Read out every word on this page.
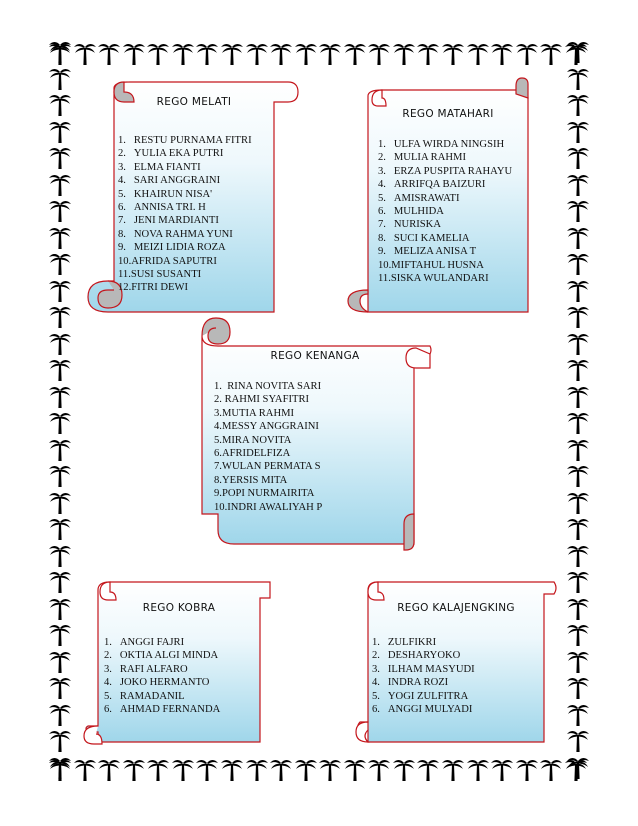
REGO MELATI
1.   RESTU PURNAMA FITRI
2.   YULIA EKA PUTRI
3.   ELMA FIANTI
4.   SARI ANGGRAINI
5.   KHAIRUN NISA'
6.   ANNISA TRI. H
7.   JENI MARDIANTI
8.   NOVA RAHMA YUNI
9.   MEIZI LIDIA ROZA
10.AFRIDA SAPUTRI
11.SUSI SUSANTI
12.FITRI DEWI
REGO MATAHARI
1.   ULFA WIRDA NINGSIH
2.   MULIA RAHMI
3.   ERZA PUSPITA RAHAYU
4.   ARRIFQA BAIZURI
5.   AMISRAWATI
6.   MULHIDA
7.   NURISKA
8.   SUCI KAMELIA
9.   MELIZA ANISA T
10.MIFTAHUL HUSNA
11.SISKA WULANDARI
REGO KENANGA
1.  RINA NOVITA SARI
2. RAHMI SYAFITRI
3.MUTIA RAHMI
4.MESSY ANGGRAINI
5.MIRA NOVITA
6.AFRIDELFIZA
7.WULAN PERMATA S
8.YERSIS MITA
9.POPI NURMAIRITA
10.INDRI AWALIYAH P
REGO KOBRA
1.   ANGGI FAJRI
2.   OKTIA ALGI MINDA
3.   RAFI ALFARO
4.   JOKO HERMANTO
5.   RAMADANIL
6.   AHMAD FERNANDA
REGO KALAJENGKING
1.   ZULFIKRI
2.   DESHARYOKO
3.   ILHAM MASYUDI
4.   INDRA ROZI
5.   YOGI ZULFITRA
6.   ANGGI MULYADI
